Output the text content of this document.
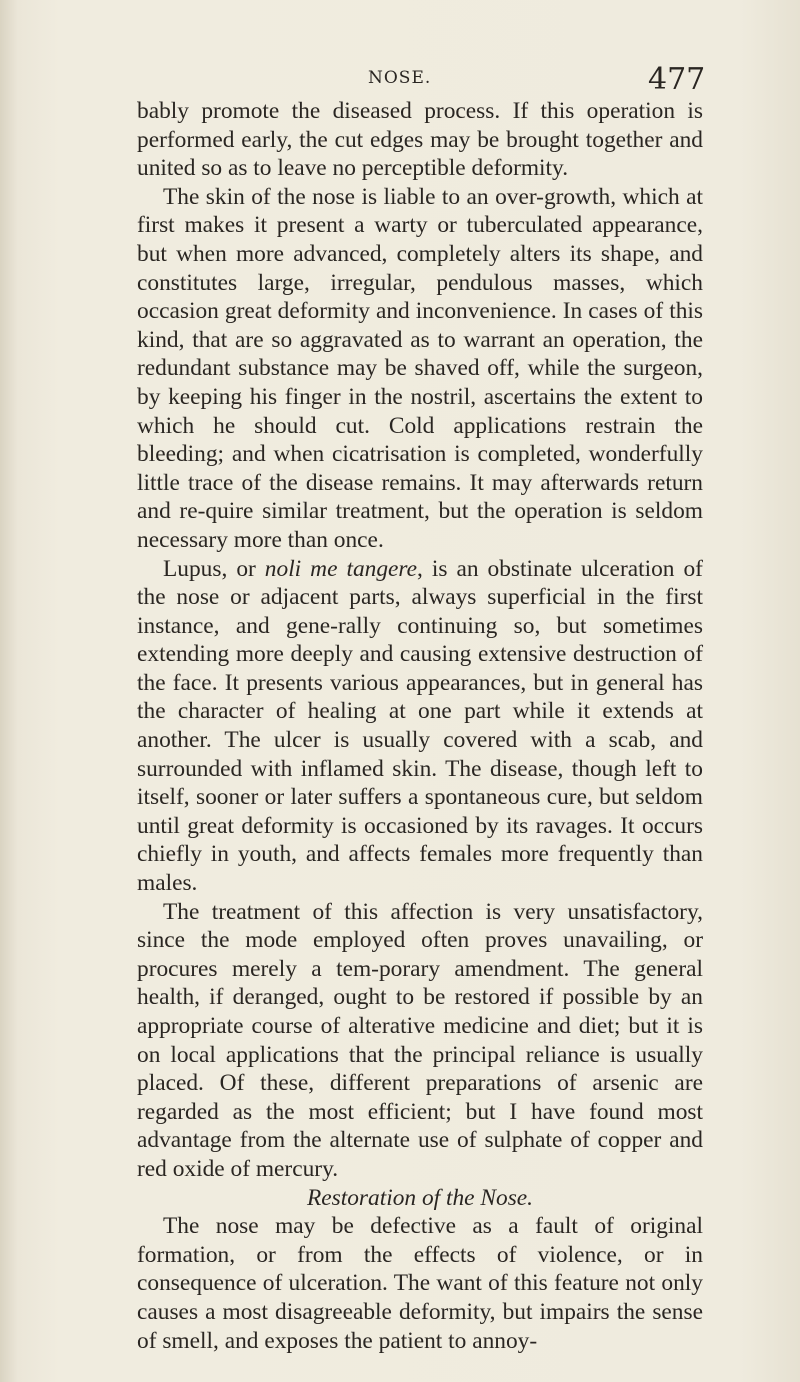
NOSE.	477

bably promote the diseased process. If this operation is performed early, the cut edges may be brought together and united so as to leave no perceptible deformity.

The skin of the nose is liable to an over-growth, which at first makes it present a warty or tuberculated appearance, but when more advanced, completely alters its shape, and constitutes large, irregular, pendulous masses, which occasion great deformity and inconvenience. In cases of this kind, that are so aggravated as to warrant an operation, the redundant substance may be shaved off, while the surgeon, by keeping his finger in the nostril, ascertains the extent to which he should cut. Cold applications restrain the bleeding; and when cicatrisation is completed, wonderfully little trace of the disease remains. It may afterwards return and re-quire similar treatment, but the operation is seldom necessary more than once.

Lupus, or noli me tangere, is an obstinate ulceration of the nose or adjacent parts, always superficial in the first instance, and gene-rally continuing so, but sometimes extending more deeply and causing extensive destruction of the face. It presents various appearances, but in general has the character of healing at one part while it extends at another. The ulcer is usually covered with a scab, and surrounded with inflamed skin. The disease, though left to itself, sooner or later suffers a spontaneous cure, but seldom until great deformity is occasioned by its ravages. It occurs chiefly in youth, and affects females more frequently than males.

The treatment of this affection is very unsatisfactory, since the mode employed often proves unavailing, or procures merely a tem-porary amendment. The general health, if deranged, ought to be restored if possible by an appropriate course of alterative medicine and diet; but it is on local applications that the principal reliance is usually placed. Of these, different preparations of arsenic are regarded as the most efficient; but I have found most advantage from the alternate use of sulphate of copper and red oxide of mercury.

Restoration of the Nose.

The nose may be defective as a fault of original formation, or from the effects of violence, or in consequence of ulceration. The want of this feature not only causes a most disagreeable deformity, but impairs the sense of smell, and exposes the patient to annoy-
